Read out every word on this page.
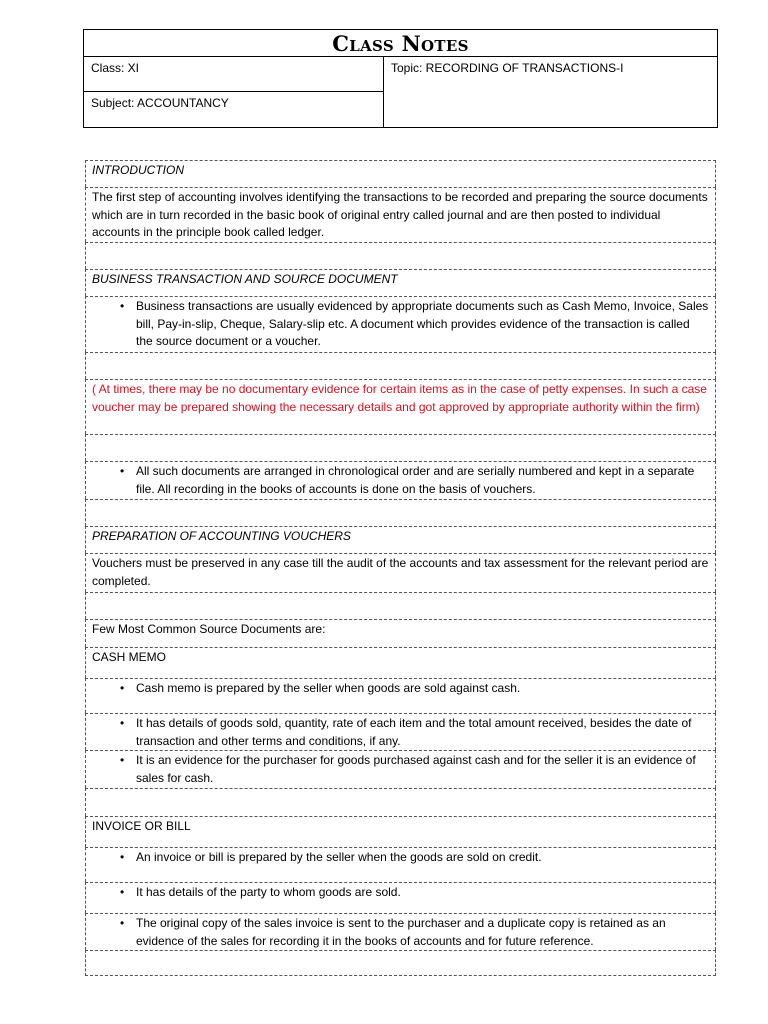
Class Notes
Class: XI
Subject: ACCOUNTANCY
Topic: RECORDING OF TRANSACTIONS-I
INTRODUCTION
The first step of accounting involves identifying the transactions to be recorded and preparing the source documents which are in turn recorded in the basic book of original entry called journal and are then posted to individual accounts in the principle book called ledger.
BUSINESS TRANSACTION AND SOURCE DOCUMENT
• Business transactions are usually evidenced by appropriate documents such as Cash Memo, Invoice, Sales bill, Pay-in-slip, Cheque, Salary-slip etc. A document which provides evidence of the transaction is called the source document or a voucher.
( At times, there may be no documentary evidence for certain items as in the case of petty expenses. In such a case voucher may be prepared showing the necessary details and got approved by appropriate authority within the firm)
• All such documents are arranged in chronological order and are serially numbered and kept in a separate file. All recording in the books of accounts is done on the basis of vouchers.
PREPARATION OF ACCOUNTING VOUCHERS
Vouchers must be preserved in any case till the audit of the accounts and tax assessment for the relevant period are completed.
Few Most Common Source Documents are:
CASH MEMO
• Cash memo is prepared by the seller when goods are sold against cash.
• It has details of goods sold, quantity, rate of each item and the total amount received, besides the date of transaction and other terms and conditions, if any.
• It is an evidence for the purchaser for goods purchased against cash and for the seller it is an evidence of sales for cash.
INVOICE OR BILL
• An invoice or bill is prepared by the seller when the goods are sold on credit.
• It has details of the party to whom goods are sold.
• The original copy of the sales invoice is sent to the purchaser and a duplicate copy is retained as an evidence of the sales for recording it in the books of accounts and for future reference.
